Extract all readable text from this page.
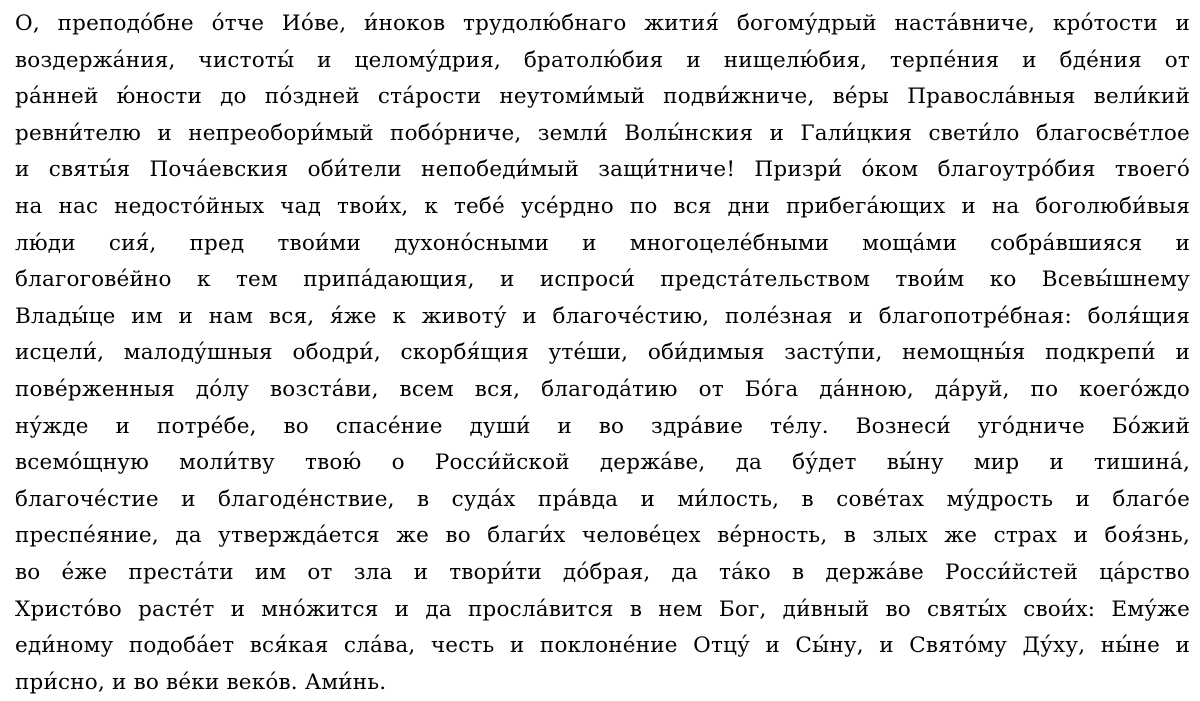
О, преподо́бне о́тче Ио́ве, и́ноков трудолю́бнаго жития́ богому́дрый наста́вниче, кро́тости и
воздержа́ния, чистоты́ и целому́дрия, братолю́бия и нищелю́бия, терпе́ния и бде́ния от
ра́нней ю́ности до по́здней ста́рости неутоми́мый подви́жниче, ве́ры Правосла́вныя вели́кий
ревни́телю и непреобори́мый побо́рниче, земли́ Волы́нския и Гали́цкия свети́ло благосве́тлое
и святы́я Поча́евския оби́тели непобеди́мый защи́тниче! Призри́ о́ком благоутро́бия твоего́
на нас недосто́йных чад твои́х, к тебе́ усе́рдно по вся дни прибега́ющих и на боголюби́выя
лю́ди сия́, пред твои́ми духоно́сными и многоцеле́бными моща́ми собра́вшияся и
благогове́йно к тем припа́дающия, и испроси́ предста́тельством твои́м ко Всевы́шнему
Влады́це им и нам вся, я́же к животу́ и благоче́стию, поле́зная и благопотре́бная: боля́щия
исцели́, малоду́шныя ободри́, скорбя́щия уте́ши, оби́димыя засту́пи, немощны́я подкрепи́ и
пове́рженныя до́лу возста́ви, всем вся, благода́тию от Бо́га да́нною, да́руй, по коего́ждо
ну́жде и потре́бе, во спасе́ние души́ и во здра́вие те́лу. Вознеси́ уго́дниче Бо́жий
всемо́щную моли́тву твою́ о Росси́йской держа́ве, да бу́дет вы́ну мир и тишина́,
благоче́стие и благоде́нствие, в суда́х пра́вда и ми́лость, в сове́тах му́дрость и благо́е
преспе́яние, да утвержда́ется же во благи́х челове́цех ве́рность, в злых же страх и боя́знь,
во е́же преста́ти им от зла и твори́ти до́брая, да та́ко в держа́ве Росси́йстей ца́рство
Христо́во расте́т и мно́жится и да просла́вится в нем Бог, ди́вный во святы́х свои́х: Ему́же
еди́ному подоба́ет вся́кая сла́ва, честь и поклоне́ние Отцу́ и Сы́ну, и Свято́му Ду́ху, ны́не и
при́сно, и во ве́ки веко́в. Ами́нь.
